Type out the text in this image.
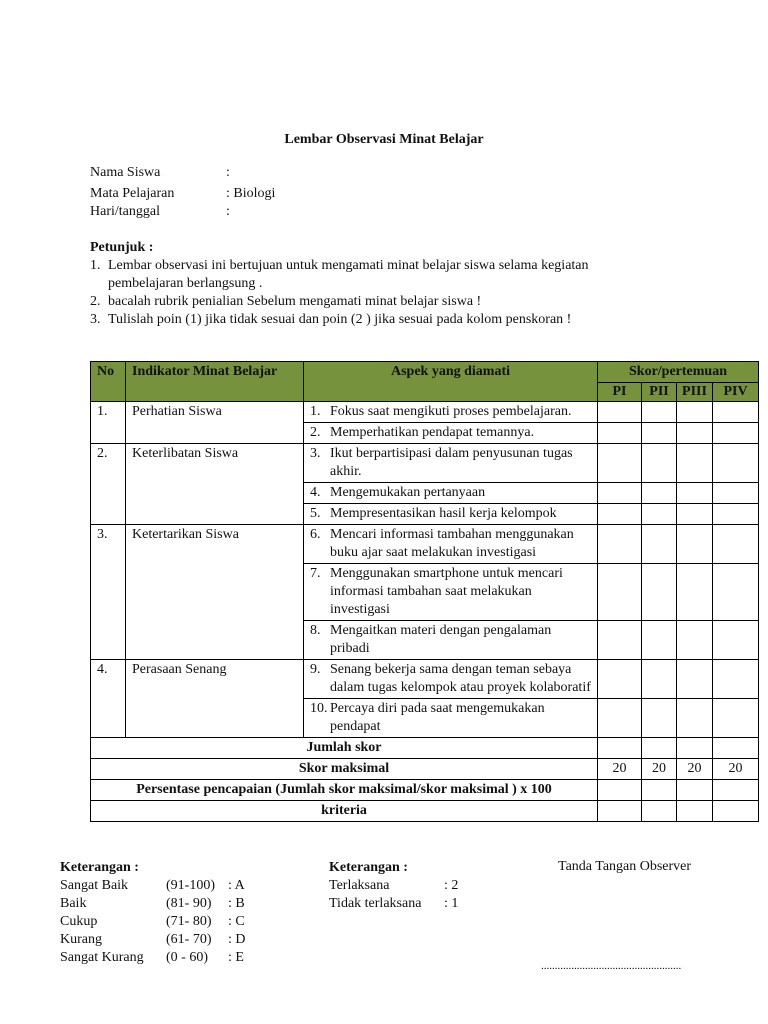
Lembar Observasi Minat Belajar
Nama Siswa	:
Mata Pelajaran	: Biologi
Hari/tanggal	:
Petunjuk :
1. Lembar observasi ini bertujuan untuk mengamati minat belajar siswa selama kegiatan
pembelajaran berlangsung .
2. bacalah rubrik penialian Sebelum mengamati minat belajar siswa !
3. Tulislah poin (1) jika tidak sesuai dan poin (2 ) jika sesuai pada kolom penskoran !
No	Indikator Minat Belajar	Aspek yang diamati	Skor/pertemuan			
			PI	PII	PIII	PIV
1.	Perhatian Siswa	1. Fokus saat mengikuti proses pembelajaran.				

		2. Memperhatikan pendapat temannya.				

2.	Keterlibatan Siswa	3. Ikut berpartisipasi dalam penyusunan tugas akhir.				

		4. Mengemukakan pertanyaan				

		5. Mempresentasikan hasil kerja kelompok				

3.	Ketertarikan Siswa	6. Mencari informasi tambahan menggunakan buku ajar saat melakukan investigasi				

		7. Menggunakan smartphone untuk mencari informasi tambahan saat melakukan investigasi				

		8. Mengaitkan materi dengan pengalaman pribadi				

4.	Perasaan Senang	9. Senang bekerja sama dengan teman sebaya dalam tugas kelompok atau proyek kolaboratif				

		10. Percaya diri pada saat mengemukakan pendapat				

Jumlah skor						
Skor maksimal			20	20	20	20
Persentase pencapaian (Jumlah skor maksimal/skor maksimal ) x 100						
kriteria						
Keterangan :
Sangat Baik	(91-100) : A
Baik	(81- 90) : B
Cukup	(71- 80) : C
Kurang	(61- 70) : D
Sangat Kurang (0 - 60) : E
Keterangan :
Terlaksana	: 2
Tidak terlaksana : 1
Tanda Tangan Observer
...................................................
